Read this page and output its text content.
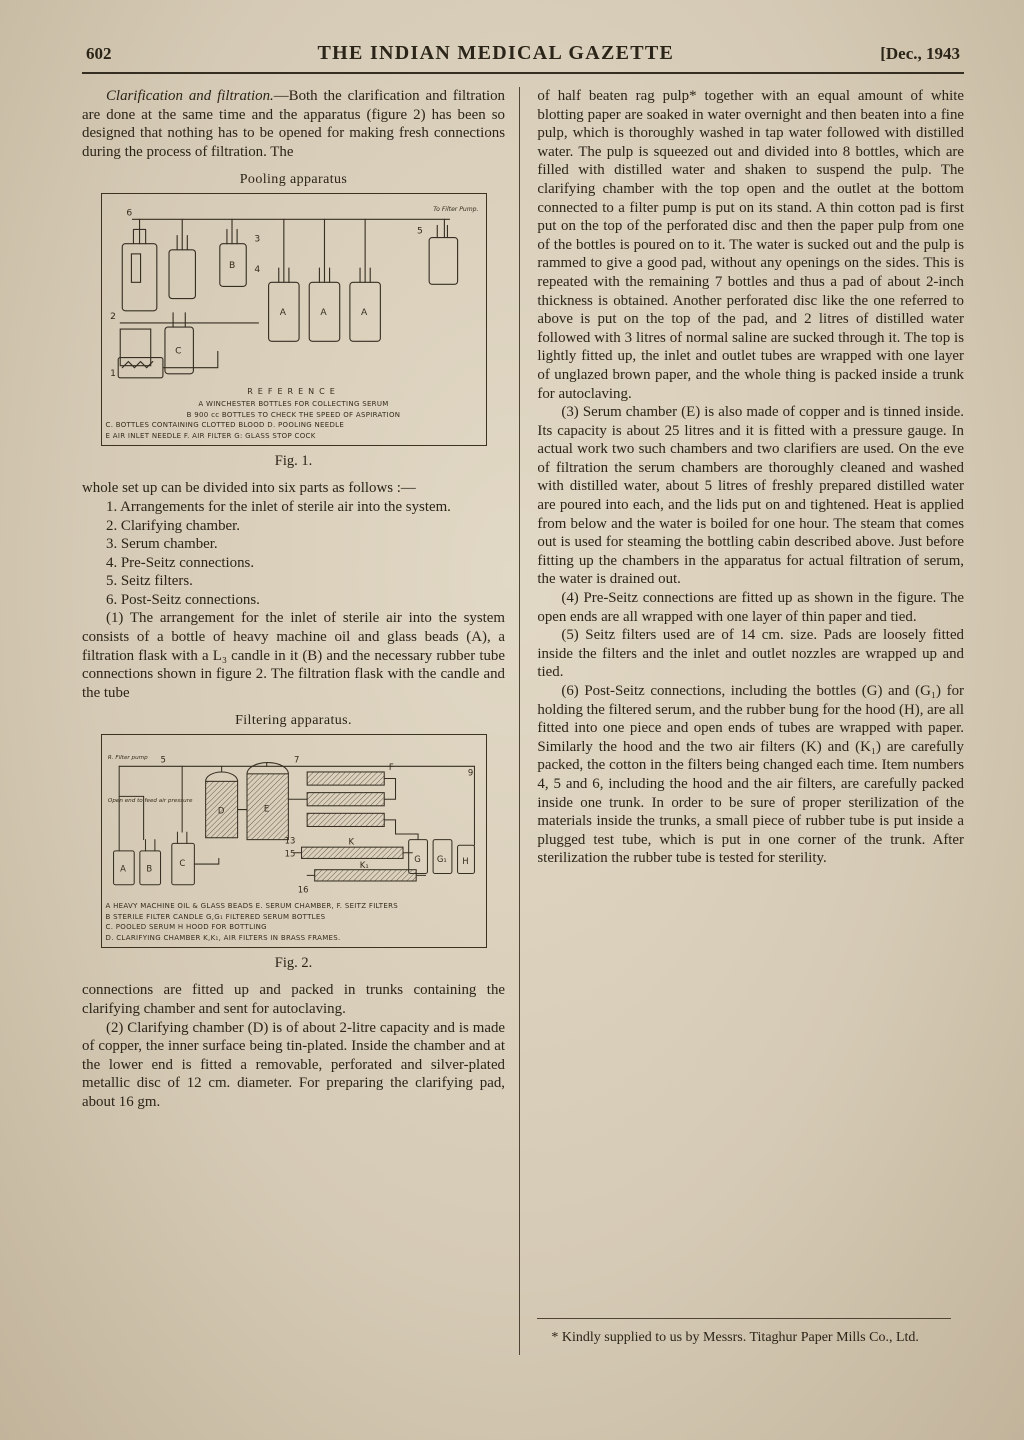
602	THE INDIAN MEDICAL GAZETTE	[Dec., 1943

Clarification and filtration.—Both the clarification and filtration are done at the same time and the apparatus (figure 2) has been so designed that nothing has to be opened for making fresh connections during the process of filtration. The

Pooling apparatus
6
3
4
5
2
1
B
C
A	A	A
To Filter Pump.
REFERENCE
A WINCHESTER BOTTLES FOR COLLECTING SERUM
B 900 cc BOTTLES TO CHECK THE SPEED OF ASPIRATION
C. BOTTLES CONTAINING CLOTTED BLOOD D. POOLING NEEDLE
E AIR INLET NEEDLE F. AIR FILTER G: GLASS STOP COCK
Fig. 1.

whole set up can be divided into six parts as follows :—

1. Arrangements for the inlet of sterile air into the system.

2. Clarifying chamber.

3. Serum chamber.

4. Pre-Seitz connections.

5. Seitz filters.

6. Post-Seitz connections.

(1) The arrangement for the inlet of sterile air into the system consists of a bottle of heavy machine oil and glass beads (A), a filtration flask with a L₃ candle in it (B) and the necessary rubber tube connections shown in figure 2. The filtration flask with the candle and the tube

Filtering apparatus.
R. Filter pump
Open end to feed air pressure
A B
C
D	E
F
G G₁ H
K
K₁
13
15
16
5	7
9
A HEAVY MACHINE OIL & GLASS BEADS E. SERUM CHAMBER, F. SEITZ FILTERS
B STERILE FILTER CANDLE G,G₁ FILTERED SERUM BOTTLES
C. POOLED SERUM H HOOD FOR BOTTLING
D. CLARIFYING CHAMBER K,K₁, AIR FILTERS IN BRASS FRAMES.
Fig. 2.

connections are fitted up and packed in trunks containing the clarifying chamber and sent for autoclaving.

(2) Clarifying chamber (D) is of about 2-litre capacity and is made of copper, the inner surface being tin-plated. Inside the chamber and at the lower end is fitted a removable, perforated and silver-plated metallic disc of 12 cm. diameter. For preparing the clarifying pad, about 16 gm.

of half beaten rag pulp* together with an equal amount of white blotting paper are soaked in water overnight and then beaten into a fine pulp, which is thoroughly washed in tap water followed with distilled water. The pulp is squeezed out and divided into 8 bottles, which are filled with distilled water and shaken to suspend the pulp. The clarifying chamber with the top open and the outlet at the bottom connected to a filter pump is put on its stand. A thin cotton pad is first put on the top of the perforated disc and then the paper pulp from one of the bottles is poured on to it. The water is sucked out and the pulp is rammed to give a good pad, without any openings on the sides. This is repeated with the remaining 7 bottles and thus a pad of about 2-inch thickness is obtained. Another perforated disc like the one referred to above is put on the top of the pad, and 2 litres of distilled water followed with 3 litres of normal saline are sucked through it. The top is lightly fitted up, the inlet and outlet tubes are wrapped with one layer of unglazed brown paper, and the whole thing is packed inside a trunk for autoclaving.

(3) Serum chamber (E) is also made of copper and is tinned inside. Its capacity is about 25 litres and it is fitted with a pressure gauge. In actual work two such chambers and two clarifiers are used. On the eve of filtration the serum chambers are thoroughly cleaned and washed with distilled water, about 5 litres of freshly prepared distilled water are poured into each, and the lids put on and tightened. Heat is applied from below and the water is boiled for one hour. The steam that comes out is used for steaming the bottling cabin described above. Just before fitting up the chambers in the apparatus for actual filtration of serum, the water is drained out.

(4) Pre-Seitz connections are fitted up as shown in the figure. The open ends are all wrapped with one layer of thin paper and tied.

(5) Seitz filters used are of 14 cm. size. Pads are loosely fitted inside the filters and the inlet and outlet nozzles are wrapped up and tied.

(6) Post-Seitz connections, including the bottles (G) and (G₁) for holding the filtered serum, and the rubber bung for the hood (H), are all fitted into one piece and open ends of tubes are wrapped with paper. Similarly the hood and the two air filters (K) and (K₁) are carefully packed, the cotton in the filters being changed each time. Item numbers 4, 5 and 6, including the hood and the air filters, are carefully packed inside one trunk. In order to be sure of proper sterilization of the materials inside the trunks, a small piece of rubber tube is put inside a plugged test tube, which is put in one corner of the trunk. After sterilization the rubber tube is tested for sterility.

* Kindly supplied to us by Messrs. Titaghur Paper Mills Co., Ltd.
